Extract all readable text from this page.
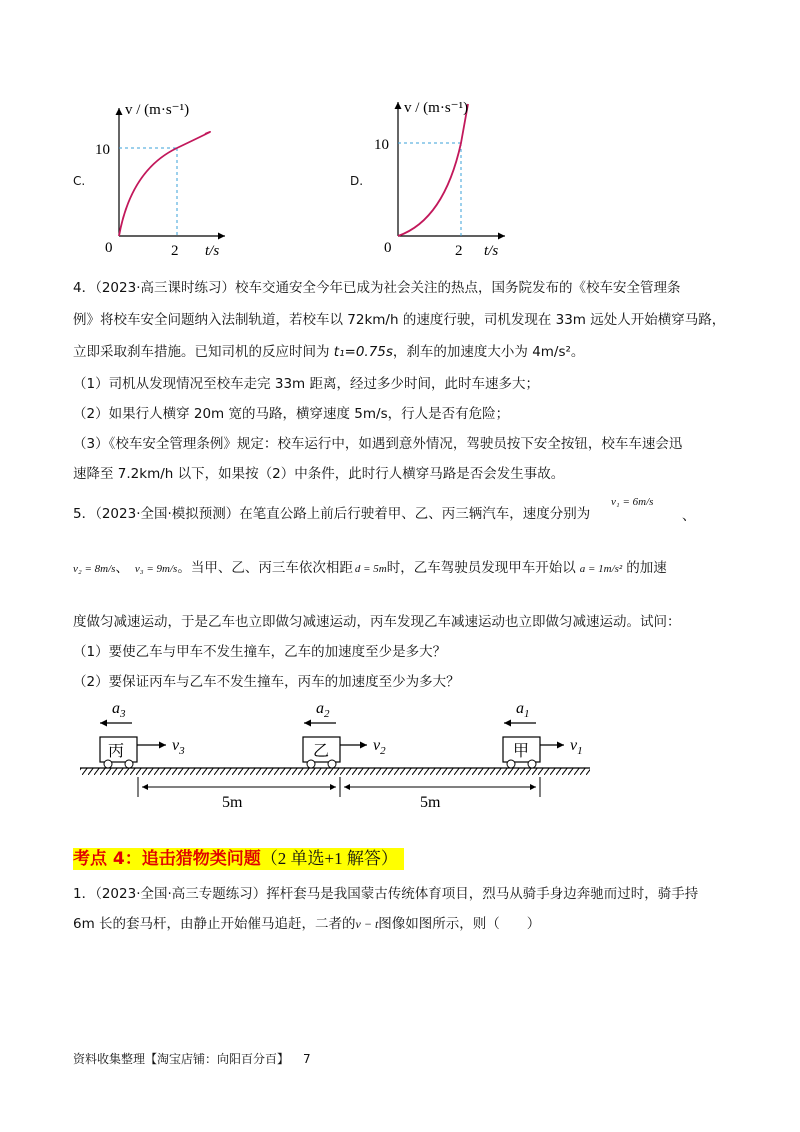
C.
v / (m·s⁻¹)
10
2
0	t/s
D.
v / (m·s⁻¹)
10
2
0	t/s
4．（2023·高三课时练习）校车交通安全今年已成为社会关注的热点，国务院发布的《校车安全管理条
例》将校车安全问题纳入法制轨道，若校车以 72km/h 的速度行驶，司机发现在 33m 远处人开始横穿马路，
立即采取刹车措施。已知司机的反应时间为 t₁=0.75s，刹车的加速度大小为 4m/s²。
（1）司机从发现情况至校车走完 33m 距离，经过多少时间，此时车速多大；
（2）如果行人横穿 20m 宽的马路，横穿速度 5m/s，行人是否有危险；
（3）《校车安全管理条例》规定：校车运行中，如遇到意外情况，驾驶员按下安全按钮，校车车速会迅
速降至 7.2km/h 以下，如果按（2）中条件，此时行人横穿马路是否会发生事故。
5．（2023·全国·模拟预测）在笔直公路上前后行驶着甲、乙、丙三辆汽车，速度分别为
v₁ = 6m/s
、
v₂ = 8m/s、 v₃ = 9m/s。当甲、乙、丙三车依次相距 d = 5m时，乙车驾驶员发现甲车开始以 a = 1m/s² 的加速
度做匀减速运动，于是乙车也立即做匀减速运动，丙车发现乙车减速运动也立即做匀减速运动。试问：
（1）要使乙车与甲车不发生撞车，乙车的加速度至少是多大？
（2）要保证丙车与乙车不发生撞车，丙车的加速度至少为多大？
$a_3$
丙	$v_3$
$a_2$
乙	$v_2$
$a_1$
甲	$v_1$
5m	5m
考点 4：追击猎物类问题（2 单选+1 解答）
1．（2023·全国·高三专题练习）挥杆套马是我国蒙古传统体育项目，烈马从骑手身边奔驰而过时，骑手持
6m 长的套马杆，由静止开始催马追赶，二者的v − t图像如图所示，则（　　）
资料收集整理【淘宝店铺：向阳百分百】 7
